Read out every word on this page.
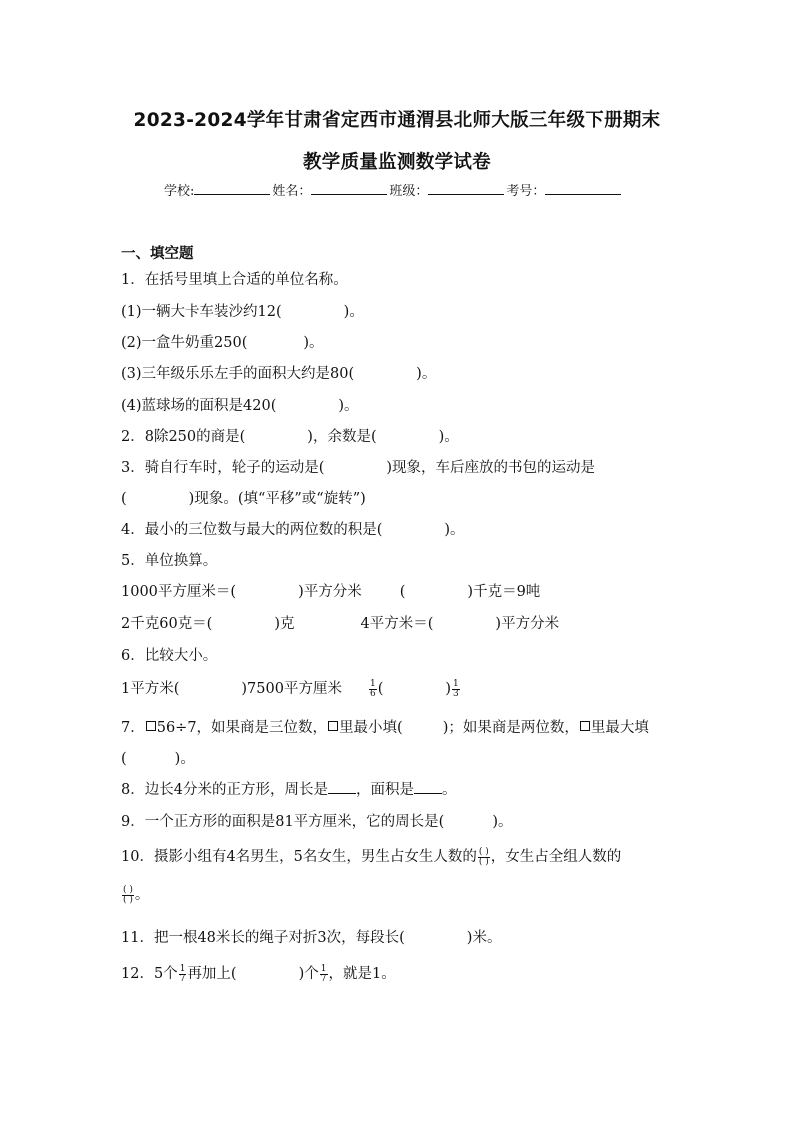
2023-2024学年甘肃省定西市通渭县北师大版三年级下册期末
教学质量监测数学试卷
学校:	姓名：	班级：	考号：
一、填空题
1．在括号里填上合适的单位名称。
(1)一辆大卡车装沙约12(	)。
(2)一盒牛奶重250(	)。
(3)三年级乐乐左手的面积大约是80(	)。
(4)蓝球场的面积是420(	)。
2．8除250的商是(	)，余数是(	)。
3．骑自行车时，轮子的运动是(	)现象，车后座放的书包的运动是
(	)现象。(填“平移”或“旋转”)
4．最小的三位数与最大的两位数的积是(	)。
5．单位换算。
1000平方厘米＝(	)平方分米	(	)千克＝9吨
2千克60克＝(	)克	4平方米＝(	)平方分米
6．比较大小。
1平方米(	)7500平方厘米	$\frac{1}{6}$ (	) $\frac{1}{3}$
7． 56÷7，如果商是三位数， 里最小填(	)；如果商是两位数， 里最大填
(	)。
8．边长4分米的正方形，周长是 ，面积是 。
9．一个正方形的面积是81平方厘米，它的周长是(	)。
10．摄影小组有4名男生，5名女生，男生占女生人数的 $\frac{( )}{( )}$ ，女生占全组人数的
$\frac{( )}{( )}$ 。
11．把一根48米长的绳子对折3次，每段长(	)米。
12．5个 $\frac{1}{7}$ 再加上(	)个 $\frac{1}{7}$ ，就是1。
